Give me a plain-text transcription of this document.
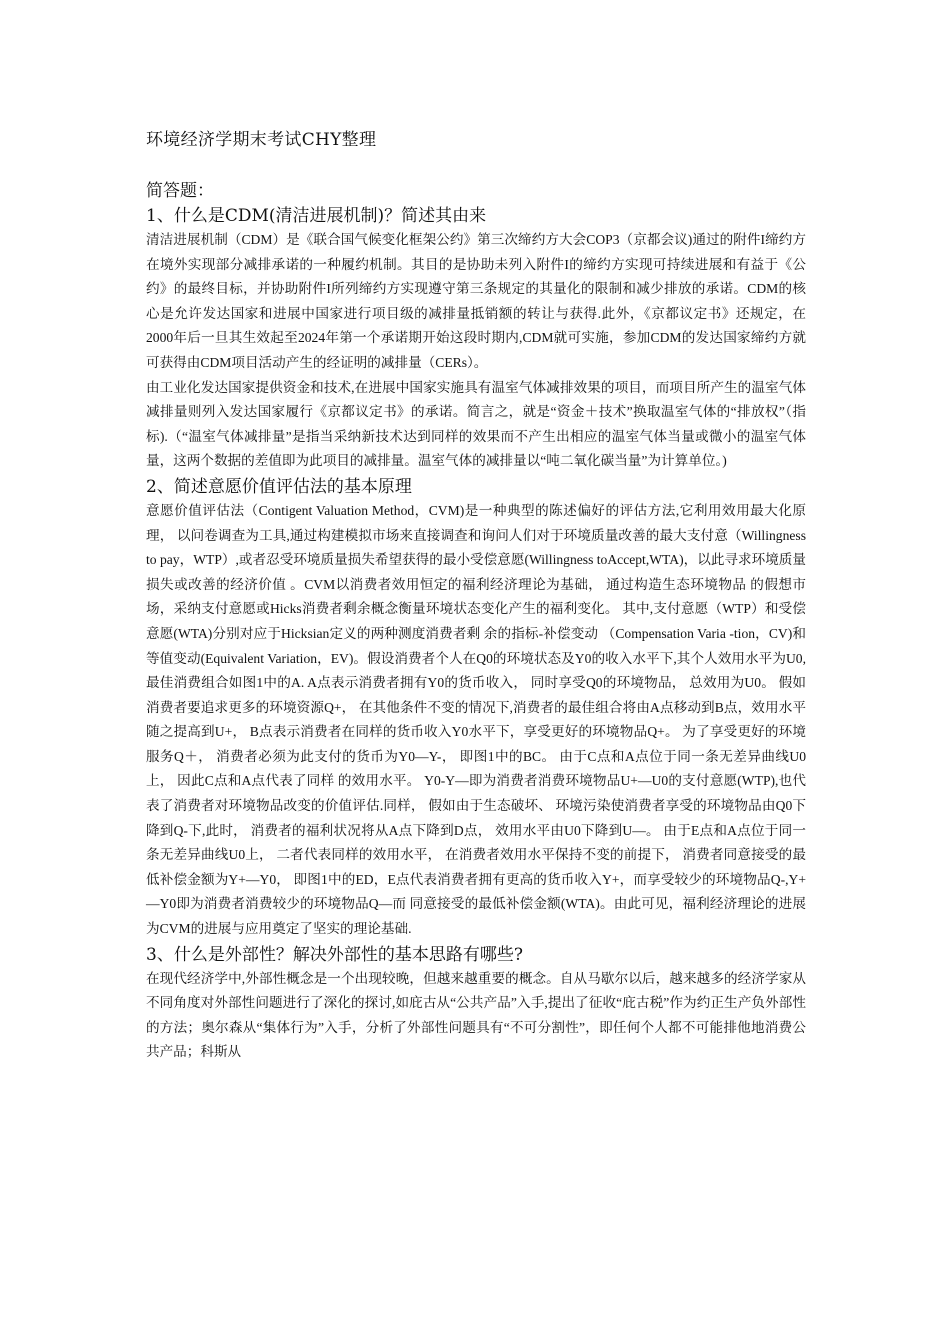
环境经济学期末考试CHY整理

简答题：

1、什么是CDM(清洁进展机制)？简述其由来

清洁进展机制（CDM）是《联合国气候变化框架公约》第三次缔约方大会COP3（京都会议)通过的附件I缔约方在境外实现部分减排承诺的一种履约机制。其目的是协助未列入附件I的缔约方实现可持续进展和有益于《公约》的最终目标，并协助附件I所列缔约方实现遵守第三条规定的其量化的限制和减少排放的承诺。CDM的核心是允许发达国家和进展中国家进行项目级的减排量抵销额的转让与获得.此外，《京都议定书》还规定，在2000年后一旦其生效起至2024年第一个承诺期开始这段时期内,CDM就可实施，参加CDM的发达国家缔约方就可获得由CDM项目活动产生的经证明的减排量（CERs）。

由工业化发达国家提供资金和技术,在进展中国家实施具有温室气体减排效果的项目，而项目所产生的温室气体减排量则列入发达国家履行《京都议定书》的承诺。简言之，就是“资金＋技术”换取温室气体的“排放权”（指标).（“温室气体减排量”是指当采纳新技术达到同样的效果而不产生出相应的温室气体当量或微小的温室气体量，这两个数据的差值即为此项目的减排量。温室气体的减排量以“吨二氧化碳当量”为计算单位。)

2、简述意愿价值评估法的基本原理

意愿价值评估法（Contigent Valuation Method，CVM)是一种典型的陈述偏好的评估方法,它利用效用最大化原理， 以问卷调查为工具,通过构建模拟市场来直接调查和询问人们对于环境质量改善的最大支付意（Willingness to pay，WTP）,或者忍受环境质量损失希望获得的最小受偿意愿(Willingness toAccept,WTA)，以此寻求环境质量损失或改善的经济价值 。CVM以消费者效用恒定的福利经济理论为基础， 通过构造生态环境物品 的假想市场，采纳支付意愿或Hicks消费者剩余概念衡量环境状态变化产生的福利变化。 其中,支付意愿（WTP）和受偿意愿(WTA)分别对应于Hicksian定义的两种测度消费者剩 余的指标-补偿变动 （Compensation Varia -tion，CV)和等值变动(Equivalent Variation，EV)。假设消费者个人在Q0的环境状态及Y0的收入水平下,其个人效用水平为U0,最佳消费组合如图1中的A. A点表示消费者拥有Y0的货币收入， 同时享受Q0的环境物品， 总效用为U0。 假如消费者要追求更多的环境资源Q+， 在其他条件不变的情况下,消费者的最佳组合将由A点移动到B点，效用水平随之提高到U+， B点表示消费者在同样的货币收入Y0水平下，享受更好的环境物品Q+。 为了享受更好的环境服务Q＋， 消费者必须为此支付的货币为Y0—Y-， 即图1中的BC。 由于C点和A点位于同一条无差异曲线U0上， 因此C点和A点代表了同样 的效用水平。 Y0-Y—即为消费者消费环境物品U+—U0的支付意愿(WTP),也代表了消费者对环境物品改变的价值评估.同样， 假如由于生态破坏、 环境污染使消费者享受的环境物品由Q0下降到Q-下,此时， 消费者的福利状况将从A点下降到D点， 效用水平由U0下降到U—。 由于E点和A点位于同一条无差异曲线U0上， 二者代表同样的效用水平， 在消费者效用水平保持不变的前提下， 消费者同意接受的最低补偿金额为Y+—Y0， 即图1中的ED，E点代表消费者拥有更高的货币收入Y+，而享受较少的环境物品Q-,Y+—Y0即为消费者消费较少的环境物品Q—而 同意接受的最低补偿金额(WTA)。由此可见，福利经济理论的进展为CVM的进展与应用奠定了坚实的理论基础.

3、什么是外部性？解决外部性的基本思路有哪些?

在现代经济学中,外部性概念是一个出现较晚，但越来越重要的概念。自从马歇尔以后，越来越多的经济学家从不同角度对外部性问题进行了深化的探讨,如庇古从“公共产品”入手,提出了征收“庇古税”作为约正生产负外部性的方法；奥尔森从“集体行为”入手，分析了外部性问题具有“不可分割性”，即任何个人都不可能排他地消费公共产品；科斯从
